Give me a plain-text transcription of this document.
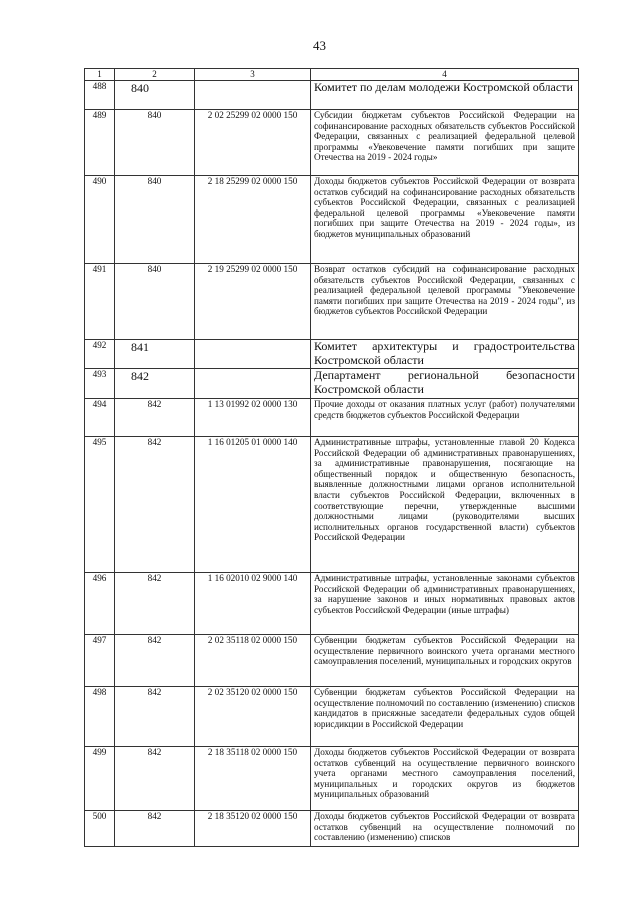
43
1	2	3	4
488	840		Комитет по делам молодежи Костромской области
489	840	2 02 25299 02 0000 150	Субсидии бюджетам субъектов Российской Федерации на софинансирование расходных обязательств субъектов Российской Федерации, связанных с реализацией федеральной целевой программы «Увековечение памяти погибших при защите Отечества на 2019 - 2024 годы»
490	840	2 18 25299 02 0000 150	Доходы бюджетов субъектов Российской Федерации от возврата остатков субсидий на софинансирование расходных обязательств субъектов Российской Федерации, связанных с реализацией федеральной целевой программы «Увековечение памяти погибших при защите Отечества на 2019 - 2024 годы», из бюджетов муниципальных образований
491	840	2 19 25299 02 0000 150	Возврат остатков субсидий на софинансирование расходных обязательств субъектов Российской Федерации, связанных с реализацией федеральной целевой программы "Увековечение памяти погибших при защите Отечества на 2019 - 2024 годы", из бюджетов субъектов Российской Федерации
492	841		Комитет архитектуры и градостроительства Костромской области
493	842		Департамент региональной безопасности Костромской области
494	842	1 13 01992 02 0000 130	Прочие доходы от оказания платных услуг (работ) получателями средств бюджетов субъектов Российской Федерации
495	842	1 16 01205 01 0000 140	Административные штрафы, установленные главой 20 Кодекса Российской Федерации об административных правонарушениях, за административные правонарушения, посягающие на общественный порядок и общественную безопасность, выявленные должностными лицами органов исполнительной власти субъектов Российской Федерации, включенных в соответствующие перечни, утвержденные высшими должностными лицами (руководителями высших исполнительных органов государственной власти) субъектов Российской Федерации
496	842	1 16 02010 02 9000 140	Административные штрафы, установленные законами субъектов Российской Федерации об административных правонарушениях, за нарушение законов и иных нормативных правовых актов субъектов Российской Федерации (иные штрафы)
497	842	2 02 35118 02 0000 150	Субвенции бюджетам субъектов Российской Федерации на осуществление первичного воинского учета органами местного самоуправления поселений, муниципальных и городских округов
498	842	2 02 35120 02 0000 150	Субвенции бюджетам субъектов Российской Федерации на осуществление полномочий по составлению (изменению) списков кандидатов в присяжные заседатели федеральных судов общей юрисдикции в Российской Федерации
499	842	2 18 35118 02 0000 150	Доходы бюджетов субъектов Российской Федерации от возврата остатков субвенций на осуществление первичного воинского учета органами местного самоуправления поселений, муниципальных и городских округов из бюджетов муниципальных образований
500	842	2 18 35120 02 0000 150	Доходы бюджетов субъектов Российской Федерации от возврата остатков субвенций на осуществление полномочий по составлению (изменению) списков
